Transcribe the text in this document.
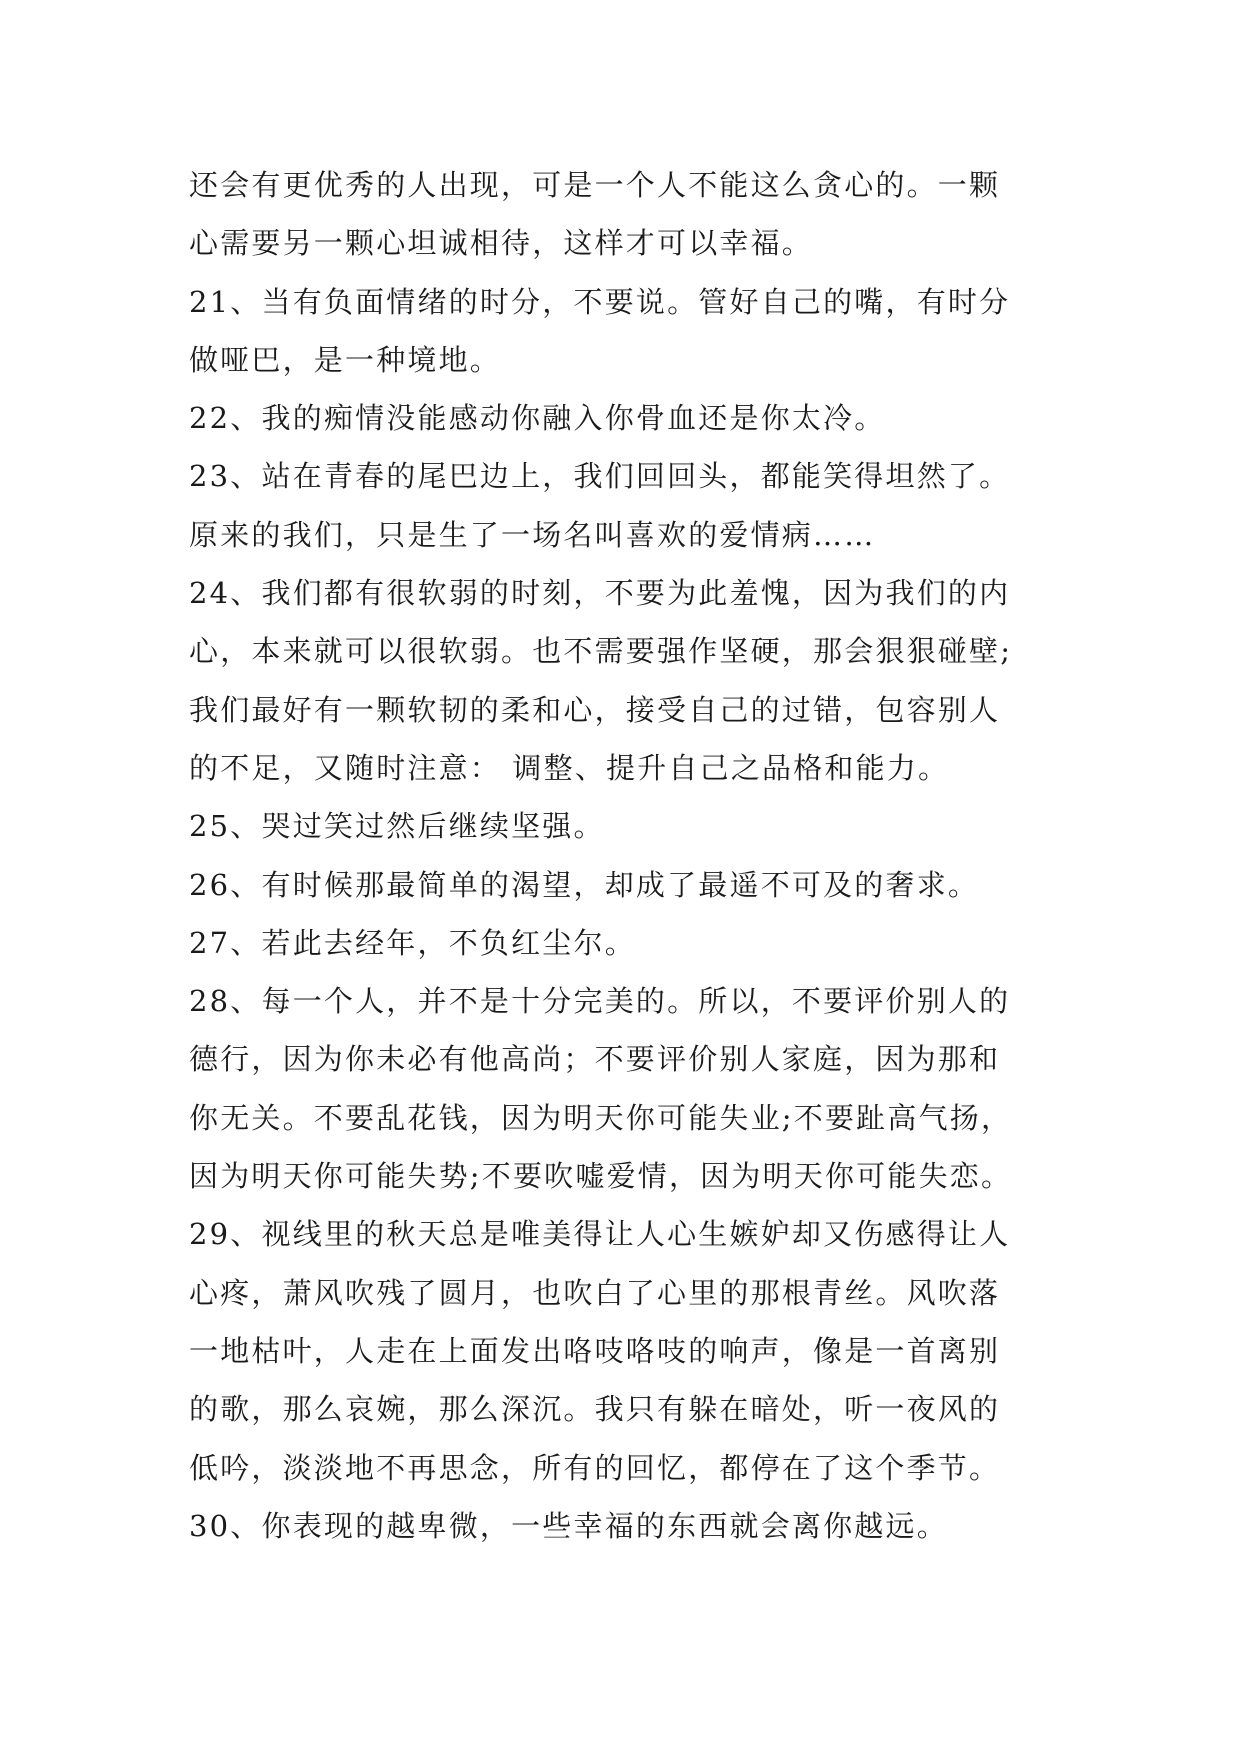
还会有更优秀的人出现，可是一个人不能这么贪心的。一颗
心需要另一颗心坦诚相待，这样才可以幸福。
21、当有负面情绪的时分，不要说。管好自己的嘴，有时分
做哑巴，是一种境地。
22、我的痴情没能感动你融入你骨血还是你太冷。
23、站在青春的尾巴边上，我们回回头，都能笑得坦然了。
原来的我们，只是生了一场名叫喜欢的爱情病……
24、我们都有很软弱的时刻，不要为此羞愧，因为我们的内
心，本来就可以很软弱。也不需要强作坚硬，那会狠狠碰壁;
我们最好有一颗软韧的柔和心，接受自己的过错，包容别人
的不足，又随时注意： 调整、提升自己之品格和能力。
25、哭过笑过然后继续坚强。
26、有时候那最简单的渴望，却成了最遥不可及的奢求。
27、若此去经年，不负红尘尔。
28、每一个人，并不是十分完美的。所以，不要评价别人的
德行，因为你未必有他高尚；不要评价别人家庭，因为那和
你无关。不要乱花钱，因为明天你可能失业;不要趾高气扬，
因为明天你可能失势;不要吹嘘爱情，因为明天你可能失恋。
29、视线里的秋天总是唯美得让人心生嫉妒却又伤感得让人
心疼，萧风吹残了圆月，也吹白了心里的那根青丝。风吹落
一地枯叶，人走在上面发出咯吱咯吱的响声，像是一首离别
的歌，那么哀婉，那么深沉。我只有躲在暗处，听一夜风的
低吟，淡淡地不再思念，所有的回忆，都停在了这个季节。
30、你表现的越卑微，一些幸福的东西就会离你越远。
